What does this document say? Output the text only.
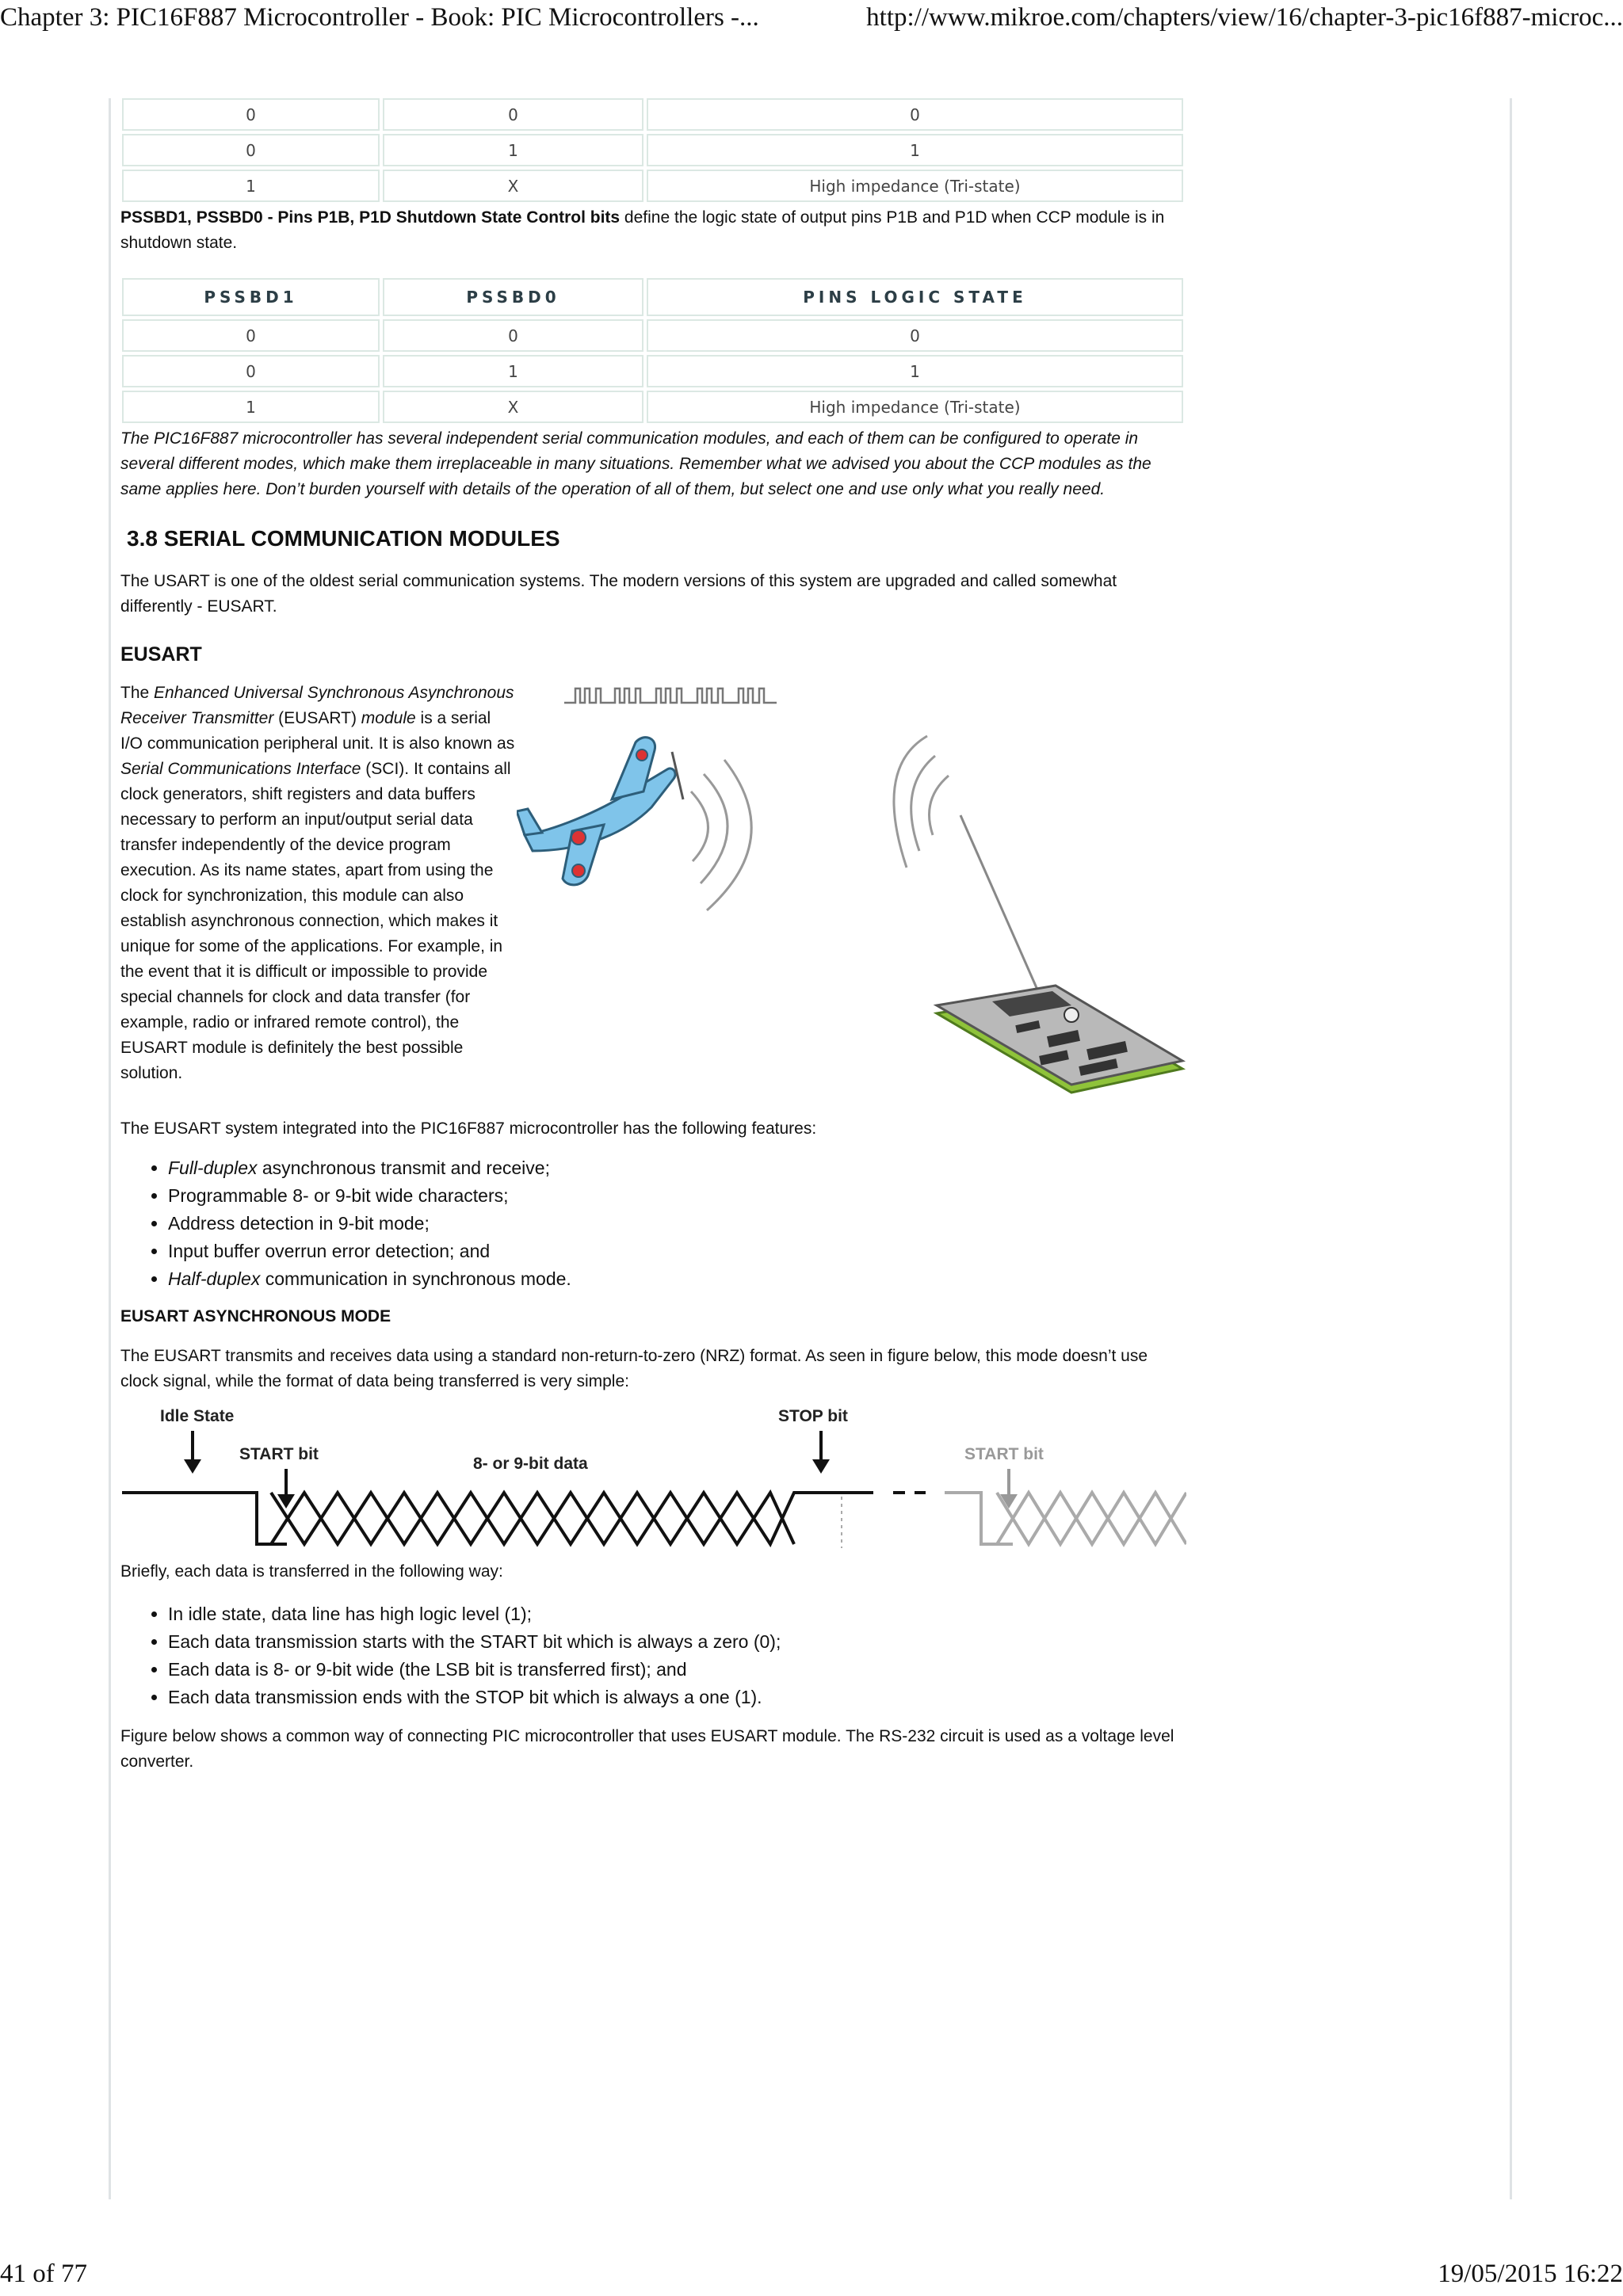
Chapter 3: PIC16F887 Microcontroller - Book: PIC Microcontrollers -...	http://www.mikroe.com/chapters/view/16/chapter-3-pic16f887-microc...
0	0	0
0	1	1
1	X	High impedance (Tri-state)

PSSBD1, PSSBD0 - Pins P1B, P1D Shutdown State Control bits define the logic state of output pins P1B and P1D when CCP module is in shutdown state.

PSSBD1	PSSBD0	PINS LOGIC STATE
0	0	0
0	1	1
1	X	High impedance (Tri-state)

The PIC16F887 microcontroller has several independent serial communication modules, and each of them can be configured to operate in several different modes, which make them irreplaceable in many situations. Remember what we advised you about the CCP modules as the same applies here. Don’t burden yourself with details of the operation of all of them, but select one and use only what you really need.

3.8 SERIAL COMMUNICATION MODULES

The USART is one of the oldest serial communication systems. The modern versions of this system are upgraded and called somewhat differently - EUSART.

EUSART

The Enhanced Universal Synchronous Asynchronous Receiver Transmitter (EUSART) module is a serial I/O communication peripheral unit. It is also known as Serial Communications Interface (SCI). It contains all clock generators, shift registers and data buffers necessary to perform an input/output serial data transfer independently of the device program execution. As its name states, apart from using the clock for synchronization, this module can also establish asynchronous connection, which makes it unique for some of the applications. For example, in the event that it is difficult or impossible to provide special channels for clock and data transfer (for example, radio or infrared remote control), the EUSART module is definitely the best possible solution.

The EUSART system integrated into the PIC16F887 microcontroller has the following features:

• Full-duplex asynchronous transmit and receive;
• Programmable 8- or 9-bit wide characters;
• Address detection in 9-bit mode;
• Input buffer overrun error detection; and
• Half-duplex communication in synchronous mode.
EUSART ASYNCHRONOUS MODE

The EUSART transmits and receives data using a standard non-return-to-zero (NRZ) format. As seen in figure below, this mode doesn’t use clock signal, while the format of data being transferred is very simple:

Idle State
START bit
8- or 9-bit data
STOP bit
START bit

Briefly, each data is transferred in the following way:

• In idle state, data line has high logic level (1);
• Each data transmission starts with the START bit which is always a zero (0);
• Each data is 8- or 9-bit wide (the LSB bit is transferred first); and
• Each data transmission ends with the STOP bit which is always a one (1).

Figure below shows a common way of connecting PIC microcontroller that uses EUSART module. The RS-232 circuit is used as a voltage level converter.

41 of 77	19/05/2015 16:22
